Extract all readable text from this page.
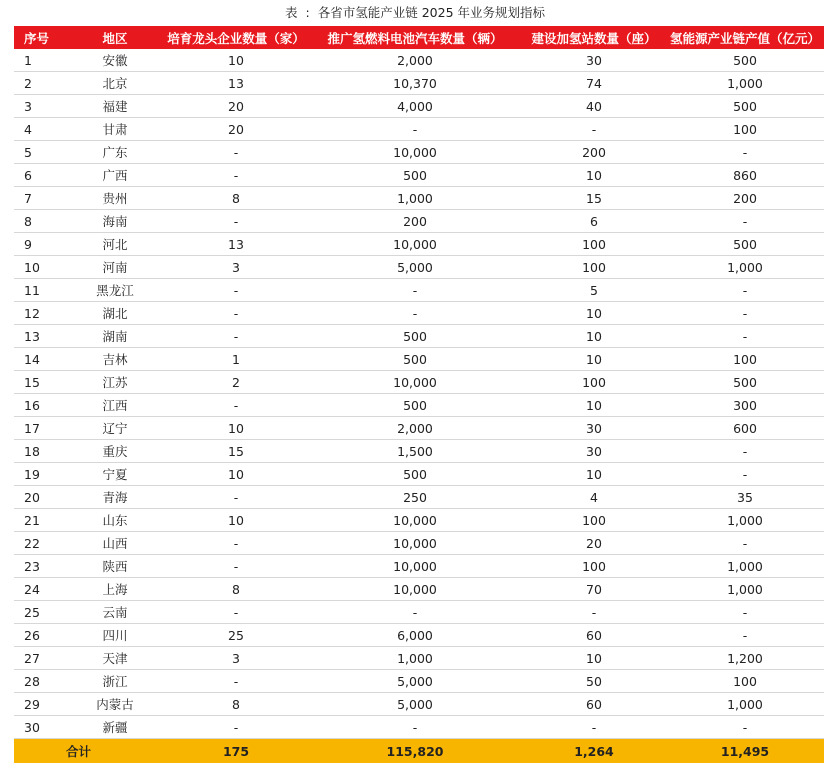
表 : 各省市氢能产业链 2025 年业务规划指标
序号	地区	培育龙头企业数量（家）	推广氢燃料电池汽车数量（辆）	建设加氢站数量（座）	氢能源产业链产值（亿元）
1	安徽	10	2,000	30	500
2	北京	13	10,370	74	1,000
3	福建	20	4,000	40	500
4	甘肃	20	-	-	100
5	广东	-	10,000	200	-
6	广西	-	500	10	860
7	贵州	8	1,000	15	200
8	海南	-	200	6	-
9	河北	13	10,000	100	500
10	河南	3	5,000	100	1,000
11	黑龙江	-	-	5	-
12	湖北	-	-	10	-
13	湖南	-	500	10	-
14	吉林	1	500	10	100
15	江苏	2	10,000	100	500
16	江西	-	500	10	300
17	辽宁	10	2,000	30	600
18	重庆	15	1,500	30	-
19	宁夏	10	500	10	-
20	青海	-	250	4	35
21	山东	10	10,000	100	1,000
22	山西	-	10,000	20	-
23	陕西	-	10,000	100	1,000
24	上海	8	10,000	70	1,000
25	云南	-	-	-	-
26	四川	25	6,000	60	-
27	天津	3	1,000	10	1,200
28	浙江	-	5,000	50	100
29	内蒙古	8	5,000	60	1,000
30	新疆	-	-	-	-
合计		175	115,820	1,264	11,495
